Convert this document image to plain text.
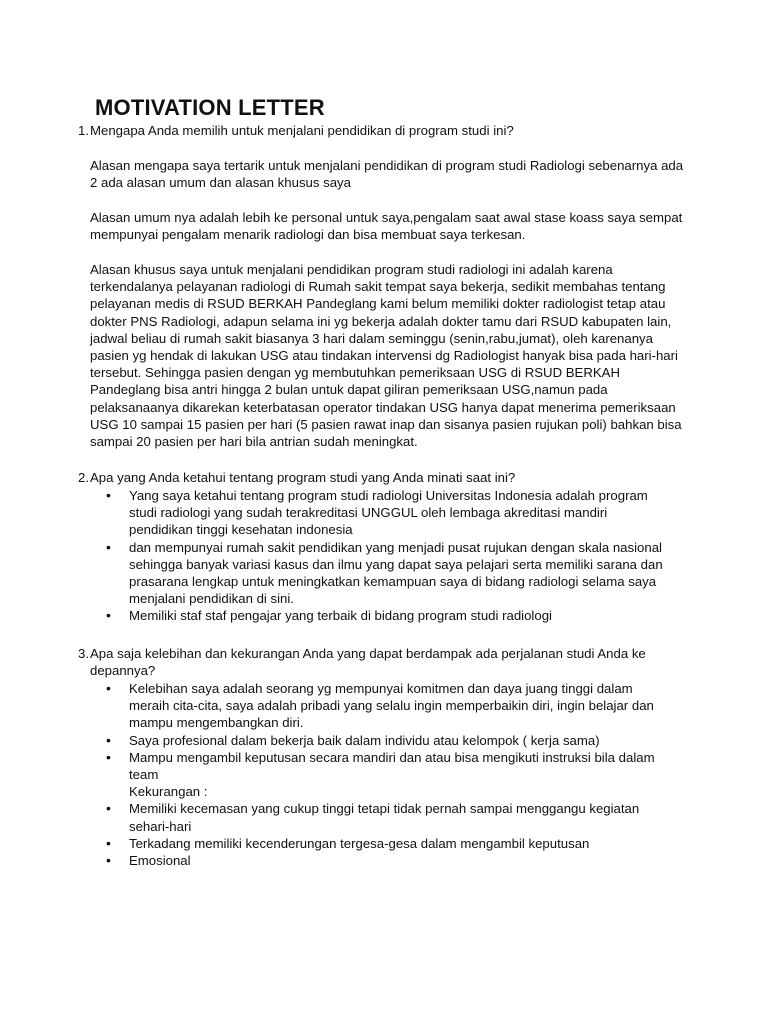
MOTIVATION LETTER
1. Mengapa Anda memilih untuk menjalani pendidikan di program studi ini?
Alasan mengapa saya tertarik untuk menjalani pendidikan di program studi Radiologi sebenarnya ada 2 ada alasan umum dan alasan khusus saya
Alasan umum nya adalah lebih ke personal untuk saya,pengalam saat awal stase koass saya sempat mempunyai pengalam menarik radiologi dan bisa membuat saya terkesan.
Alasan khusus saya untuk menjalani pendidikan program studi radiologi ini adalah karena terkendalanya pelayanan radiologi di Rumah sakit tempat saya bekerja, sedikit membahas tentang pelayanan medis di RSUD BERKAH Pandeglang kami belum memiliki dokter radiologist tetap atau dokter PNS Radiologi, adapun selama ini yg bekerja adalah dokter tamu dari RSUD kabupaten lain, jadwal beliau di rumah sakit biasanya 3 hari dalam seminggu (senin,rabu,jumat), oleh karenanya pasien yg hendak di lakukan USG atau tindakan intervensi dg Radiologist hanyak bisa pada hari-hari tersebut. Sehingga pasien dengan yg membutuhkan pemeriksaan USG di RSUD BERKAH Pandeglang bisa antri hingga 2 bulan untuk dapat giliran pemeriksaan USG,namun pada pelaksanaanya dikarekan keterbatasan operator tindakan USG hanya dapat menerima pemeriksaan USG 10 sampai 15 pasien per hari (5 pasien rawat inap dan sisanya pasien rujukan poli) bahkan bisa sampai 20 pasien per hari bila antrian sudah meningkat.
2. Apa yang Anda ketahui tentang program studi yang Anda minati saat ini?
• Yang saya ketahui tentang program studi radiologi Universitas Indonesia adalah program studi radiologi yang sudah terakreditasi UNGGUL oleh lembaga akreditasi mandiri pendidikan tinggi kesehatan indonesia
• dan mempunyai rumah sakit pendidikan yang menjadi pusat rujukan dengan skala nasional sehingga banyak variasi kasus dan ilmu yang dapat saya pelajari serta memiliki sarana dan prasarana lengkap untuk meningkatkan kemampuan saya di bidang radiologi selama saya menjalani pendidikan di sini.
• Memiliki staf staf pengajar yang terbaik di bidang program studi radiologi
3. Apa saja kelebihan dan kekurangan Anda yang dapat berdampak ada perjalanan studi Anda ke depannya?
• Kelebihan saya adalah seorang yg mempunyai komitmen dan daya juang tinggi dalam meraih cita-cita, saya adalah pribadi yang selalu ingin memperbaikin diri, ingin belajar dan mampu mengembangkan diri.
• Saya profesional dalam bekerja baik dalam individu atau kelompok ( kerja sama)
• Mampu mengambil keputusan secara mandiri dan atau bisa mengikuti instruksi bila dalam team
Kekurangan :
• Memiliki kecemasan yang cukup tinggi tetapi tidak pernah sampai menggangu kegiatan sehari-hari
• Terkadang memiliki kecenderungan tergesa-gesa dalam mengambil keputusan
• Emosional
